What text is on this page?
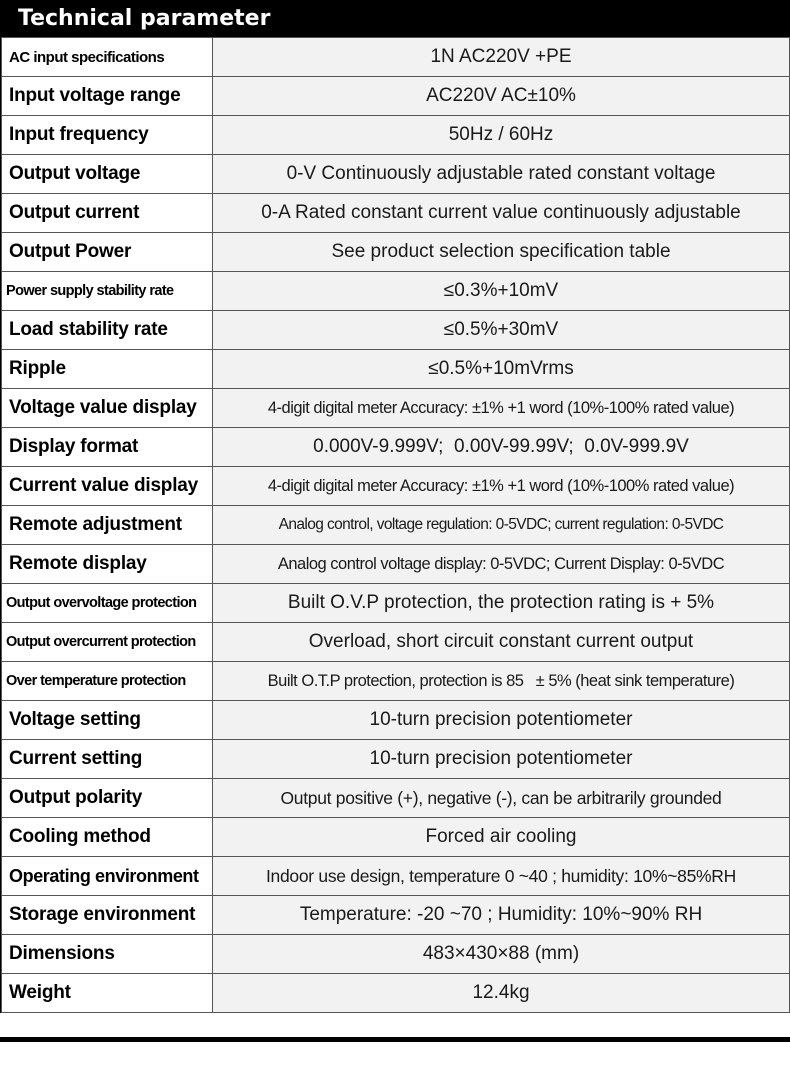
Technical parameter
AC input specifications	1N AC220V +PE
Input voltage range	AC220V AC±10%
Input frequency	50Hz / 60Hz
Output voltage	0-V Continuously adjustable rated constant voltage
Output current	0-A Rated constant current value continuously adjustable
Output Power	See product selection specification table
Power supply stability rate	≤0.3%+10mV
Load stability rate	≤0.5%+30mV
Ripple	≤0.5%+10mVrms
Voltage value display	4-digit digital meter Accuracy: ±1% +1 word (10%-100% rated value)
Display format	0.000V-9.999V;  0.00V-99.99V;  0.0V-999.9V
Current value display	4-digit digital meter Accuracy: ±1% +1 word (10%-100% rated value)
Remote adjustment	Analog control, voltage regulation: 0-5VDC; current regulation: 0-5VDC
Remote display	Analog control voltage display: 0-5VDC; Current Display: 0-5VDC
Output overvoltage protection	Built O.V.P protection, the protection rating is + 5%
Output overcurrent protection	Overload, short circuit constant current output
Over temperature protection	Built O.T.P protection, protection is 85   ± 5% (heat sink temperature)
Voltage setting	10-turn precision potentiometer
Current setting	10-turn precision potentiometer
Output polarity	Output positive (+), negative (-), can be arbitrarily grounded
Cooling method	Forced air cooling
Operating environment	Indoor use design, temperature 0 ~40 ; humidity: 10%~85%RH
Storage environment	Temperature: -20 ~70 ; Humidity: 10%~90% RH
Dimensions	483×430×88 (mm)
Weight	12.4kg
